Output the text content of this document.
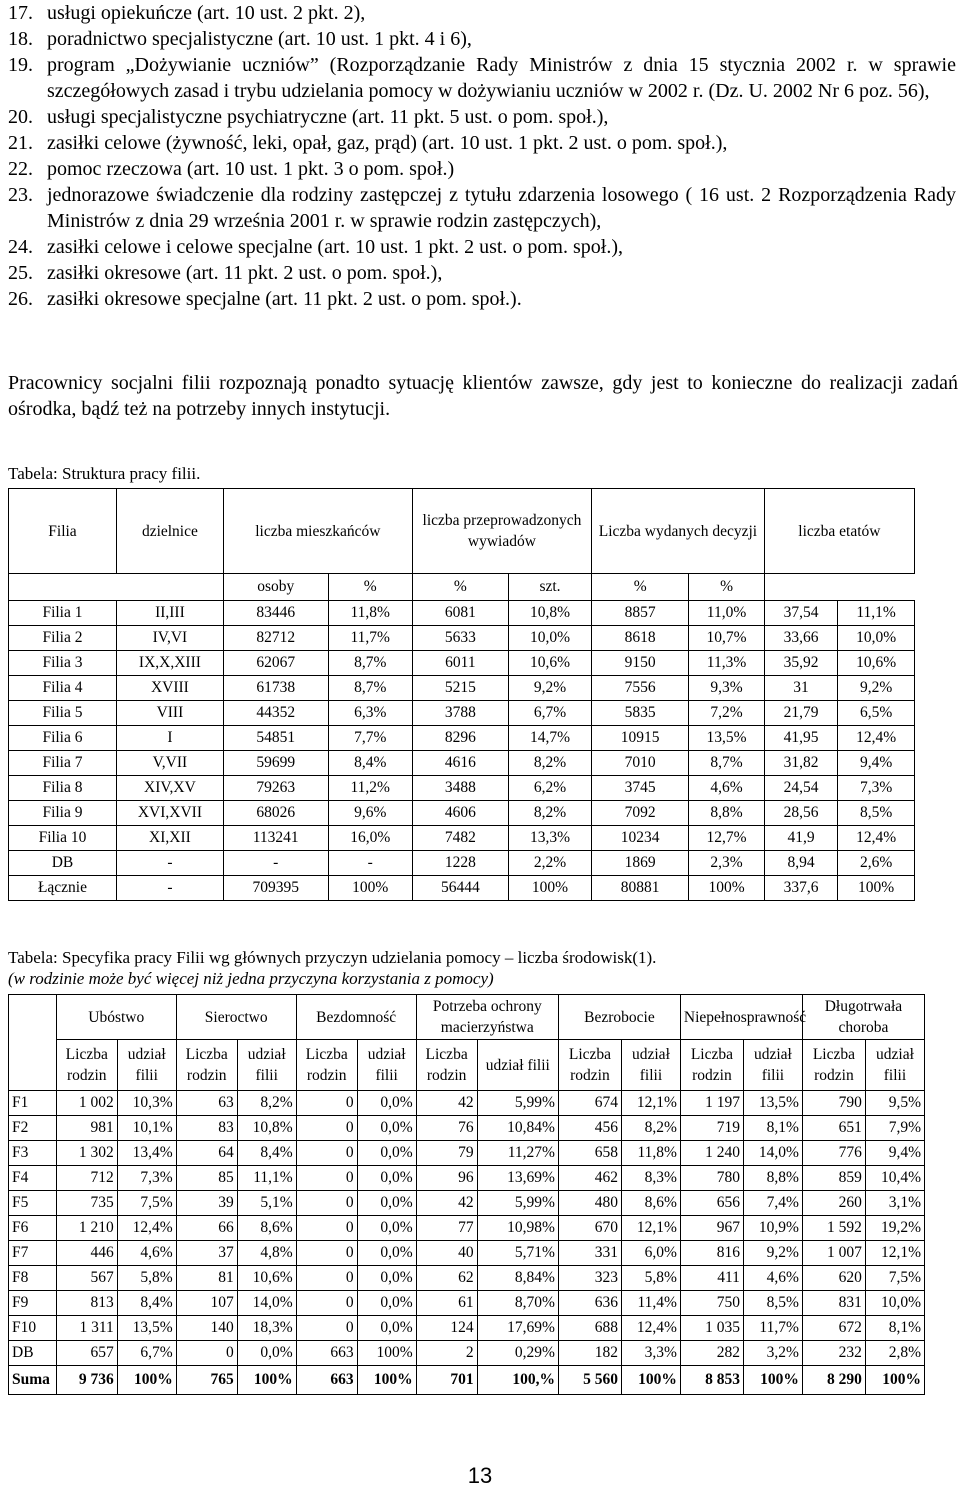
17. usługi opiekuńcze (art. 10 ust. 2 pkt. 2),
18. poradnictwo specjalistyczne (art. 10 ust. 1 pkt. 4 i 6),
19. program „Dożywianie uczniów” (Rozporządzanie Rady Ministrów z dnia 15 stycznia 2002 r. w sprawie szczegółowych zasad i trybu udzielania pomocy w dożywianiu uczniów w 2002 r. (Dz. U. 2002 Nr 6 poz. 56),
20. usługi specjalistyczne psychiatryczne (art. 11 pkt. 5 ust. o pom. społ.),
21. zasiłki celowe (żywność, leki, opał, gaz, prąd) (art. 10 ust. 1 pkt. 2 ust. o pom. społ.),
22. pomoc rzeczowa (art. 10 ust. 1 pkt. 3 o pom. społ.)
23. jednorazowe świadczenie dla rodziny zastępczej z tytułu zdarzenia losowego ( 16 ust. 2 Rozporządzenia Rady Ministrów z dnia 29 września 2001 r. w sprawie rodzin zastępczych),
24. zasiłki celowe i celowe specjalne (art. 10 ust. 1 pkt. 2 ust. o pom. społ.),
25. zasiłki okresowe (art. 11 pkt. 2 ust. o pom. społ.),
26. zasiłki okresowe specjalne (art. 11 pkt. 2 ust. o pom. społ.).

Pracownicy socjalni filii rozpoznają ponadto sytuację klientów zawsze, gdy jest to konieczne do realizacji zadań ośrodka, bądź też na potrzeby innych instytucji.

Tabela: Struktura pracy filii.
Filia	dzielnice	liczba mieszkańców		liczba przeprowadzonych wywiadów		Liczba wydanych decyzji		liczba etatów	
		osoby	%	%	szt.	%	%		
Filia 1	II,III	83446	11,8%	6081	10,8%	8857	11,0%	37,54	11,1%
Filia 2	IV,VI	82712	11,7%	5633	10,0%	8618	10,7%	33,66	10,0%
Filia 3	IX,X,XIII	62067	8,7%	6011	10,6%	9150	11,3%	35,92	10,6%
Filia 4	XVIII	61738	8,7%	5215	9,2%	7556	9,3%	31	9,2%
Filia 5	VIII	44352	6,3%	3788	6,7%	5835	7,2%	21,79	6,5%
Filia 6	I	54851	7,7%	8296	14,7%	10915	13,5%	41,95	12,4%
Filia 7	V,VII	59699	8,4%	4616	8,2%	7010	8,7%	31,82	9,4%
Filia 8	XIV,XV	79263	11,2%	3488	6,2%	3745	4,6%	24,54	7,3%
Filia 9	XVI,XVII	68026	9,6%	4606	8,2%	7092	8,8%	28,56	8,5%
Filia 10	XI,XII	113241	16,0%	7482	13,3%	10234	12,7%	41,9	12,4%
DB	-	-	-	1228	2,2%	1869	2,3%	8,94	2,6%
Łącznie	-	709395	100%	56444	100%	80881	100%	337,6	100%
Tabela: Specyfika pracy Filii wg głównych przyczyn udzielania pomocy – liczba środowisk(1).
(w rodzinie może być więcej niż jedna przyczyna korzystania z pomocy)
	Ubóstwo		Sieroctwo		Bezdomność		Potrzeba ochrony macierzyństwa		Bezrobocie		Niepełnosprawność		Długotrwała choroba	
	Liczba rodzin	udział filii	Liczba rodzin	udział filii	Liczba rodzin	udział filii	Liczba rodzin	udział filii	Liczba rodzin	udział filii	Liczba rodzin	udział filii	Liczba rodzin	udział filii
F1	1 002	10,3%	63	8,2%	0	0,0%	42	5,99%	674	12,1%	1 197	13,5%	790	9,5%
F2	981	10,1%	83	10,8%	0	0,0%	76	10,84%	456	8,2%	719	8,1%	651	7,9%
F3	1 302	13,4%	64	8,4%	0	0,0%	79	11,27%	658	11,8%	1 240	14,0%	776	9,4%
F4	712	7,3%	85	11,1%	0	0,0%	96	13,69%	462	8,3%	780	8,8%	859	10,4%
F5	735	7,5%	39	5,1%	0	0,0%	42	5,99%	480	8,6%	656	7,4%	260	3,1%
F6	1 210	12,4%	66	8,6%	0	0,0%	77	10,98%	670	12,1%	967	10,9%	1 592	19,2%
F7	446	4,6%	37	4,8%	0	0,0%	40	5,71%	331	6,0%	816	9,2%	1 007	12,1%
F8	567	5,8%	81	10,6%	0	0,0%	62	8,84%	323	5,8%	411	4,6%	620	7,5%
F9	813	8,4%	107	14,0%	0	0,0%	61	8,70%	636	11,4%	750	8,5%	831	10,0%
F10	1 311	13,5%	140	18,3%	0	0,0%	124	17,69%	688	12,4%	1 035	11,7%	672	8,1%
DB	657	6,7%	0	0,0%	663	100%	2	0,29%	182	3,3%	282	3,2%	232	2,8%
Suma	9 736	100%	765	100%	663	100%	701	100,%	5 560	100%	8 853	100%	8 290	100%
13
